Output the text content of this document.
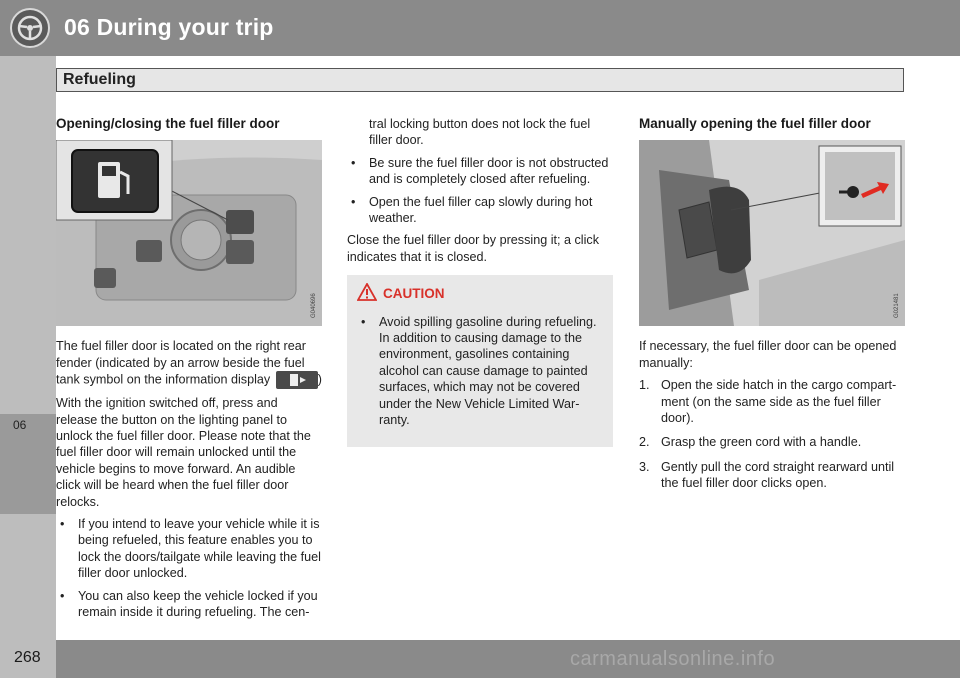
06 During your trip
Refueling
06
Opening/closing the fuel filler door
G040696

The fuel filler door is located on the right rear fender (indicated by an arrow beside the fuel tank symbol on the information display	)

With the ignition switched off, press and release the button on the lighting panel to unlock the fuel filler door. Please note that the fuel filler door will remain unlocked until the vehicle begins to move forward. An audible click will be heard when the fuel filler door relocks.

• If you intend to leave your vehicle while it is being refueled, this feature enables you to lock the doors/tailgate while leaving the fuel filler door unlocked.
• You can also keep the vehicle locked if you remain inside it during refueling. The cen-

tral locking button does not lock the fuel filler door.

• Be sure the fuel filler door is not obstructed and is completely closed after refueling.
• Open the fuel filler cap slowly during hot weather.

Close the fuel filler door by pressing it; a click indicates that it is closed.

CAUTION
• Avoid spilling gasoline during refueling. In addition to causing damage to the environment, gasolines containing alcohol can cause damage to painted surfaces, which may not be covered under the New Vehicle Limited War-ranty.
Manually opening the fuel filler door
G021481

If necessary, the fuel filler door can be opened manually:

1. Open the side hatch in the cargo compart-ment (on the same side as the fuel filler door).
2. Grasp the green cord with a handle.
3. Gently pull the cord straight rearward until the fuel filler door clicks open.
268	carmanualsonline.info
